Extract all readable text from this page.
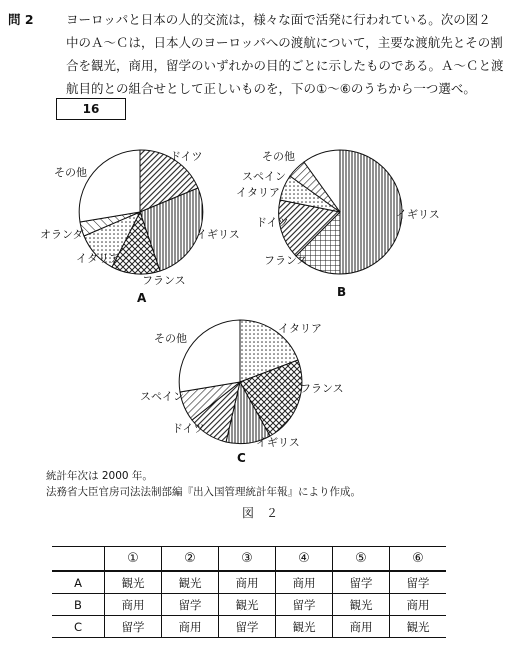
問 2	ヨーロッパと日本の人的交流は，様々な面で活発に行われている。次の図２
中のＡ～Ｃは，日本人のヨーロッパへの渡航について，主要な渡航先とその割
合を観光，商用，留学のいずれかの目的ごとに示したものである。Ａ～Ｃと渡
航目的との組合せとして正しいものを，下の①～⑥のうちから一つ選べ。
16
ドイツ
イギリス
フランス
イタリア
オランダ
その他
A
その他
スペイン
イタリア
ドイツ
フランス
イギリス
B
その他
イタリア
フランス
イギリス
ドイツ
スペイン
C
統計年次は 2000 年。
法務省大臣官房司法法制部編『出入国管理統計年報』により作成。
図　２
	①	②	③	④	⑤	⑥
A	観光	観光	商用	商用	留学	留学
B	商用	留学	観光	留学	観光	商用
C	留学	商用	留学	観光	商用	観光
